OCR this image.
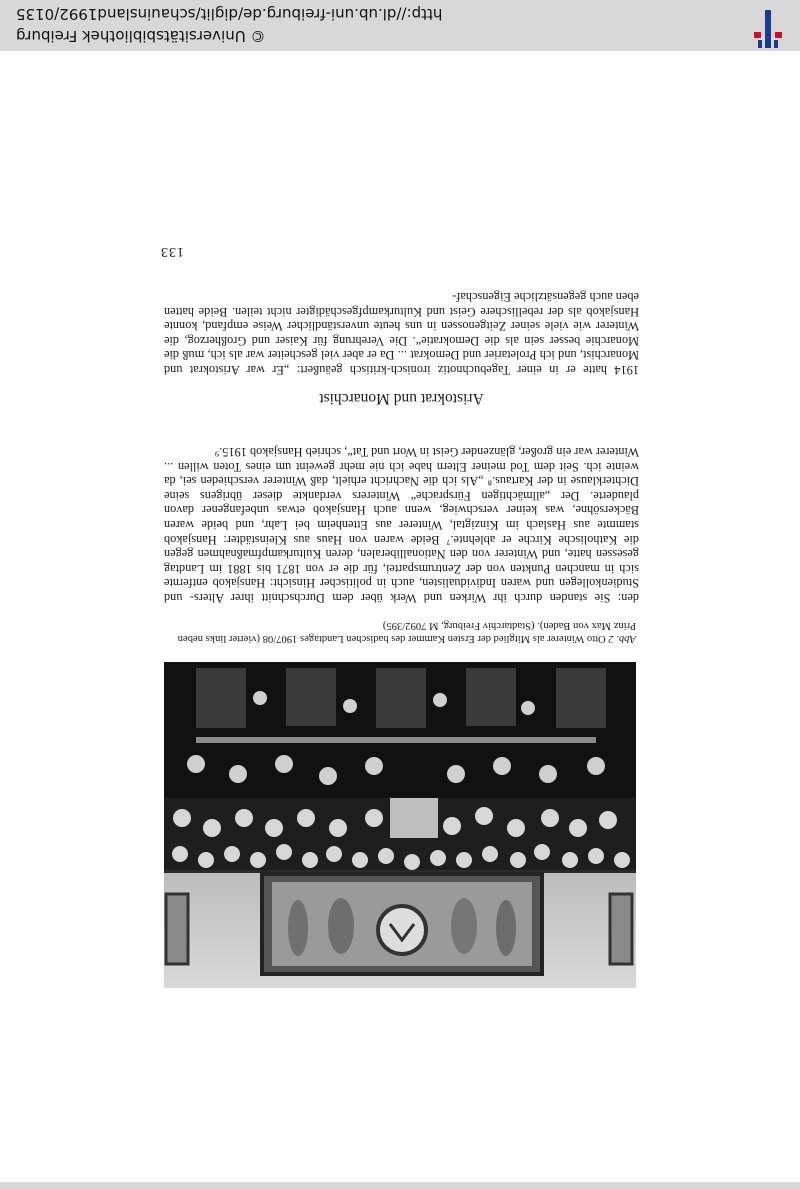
Abb. 2 Otto Winterer als Mitglied der Ersten Kammer des badischen Landtages 1907/08 (vierter links neben Prinz Max von Baden). (Stadtarchiv Freiburg, M 7092/395)

den: Sie standen durch ihr Wirken und Werk über dem Durchschnitt ihrer Alters- und Studienkollegen und waren Individualisten, auch in politischer Hinsicht: Hansjakob entfernte sich in manchen Punkten von der Zentrumspartei, für die er von 1871 bis 1881 im Landtag gesessen hatte, und Winterer von den Nationalliberalen, deren Kulturkampfmaßnahmen gegen die Katholische Kirche er ablehnte.⁷ Beide waren von Haus aus Kleinstädter: Hansjakob stammte aus Haslach im Kinzigtal, Winterer aus Ettenheim bei Lahr, und beide waren Bäckersöhne, was keiner verschwieg, wenn auch Hansjakob etwas unbefangener davon plauderte. Der „allmächtigen Fürsprache“ Winterers verdankte dieser übrigens seine Dichterklause in der Kartaus.⁸ „Als ich die Nachricht erhielt, daß Winterer verschieden sei, da weinte ich. Seit dem Tod meiner Eltern habe ich nie mehr geweint um eines Toten willen ... Winterer war ein großer, glänzender Geist in Wort und Tat“, schrieb Hansjakob 1915.⁹

Aristokrat und Monarchist

1914 hatte er in einer Tagebuchnotiz ironisch-kritisch geäußert: „Er war Aristokrat und Monarchist, und ich Proletarier und Demokrat ... Da er aber viel gescheiter war als ich, muß die Monarchie besser sein als die Demokratie“. Die Verehrung für Kaiser und Großherzog, die Winterer wie viele seiner Zeitgenossen in uns heute unverständlicher Weise empfand, konnte Hansjakob als der rebellischere Geist und Kulturkampfgeschädigter nicht teilen. Beide hatten eben auch gegensätzliche Eigenschaf-

133
© Universitätsbibliothek Freiburg
http://dl.ub.uni-freiburg.de/diglit/schauinsland1992/0135
